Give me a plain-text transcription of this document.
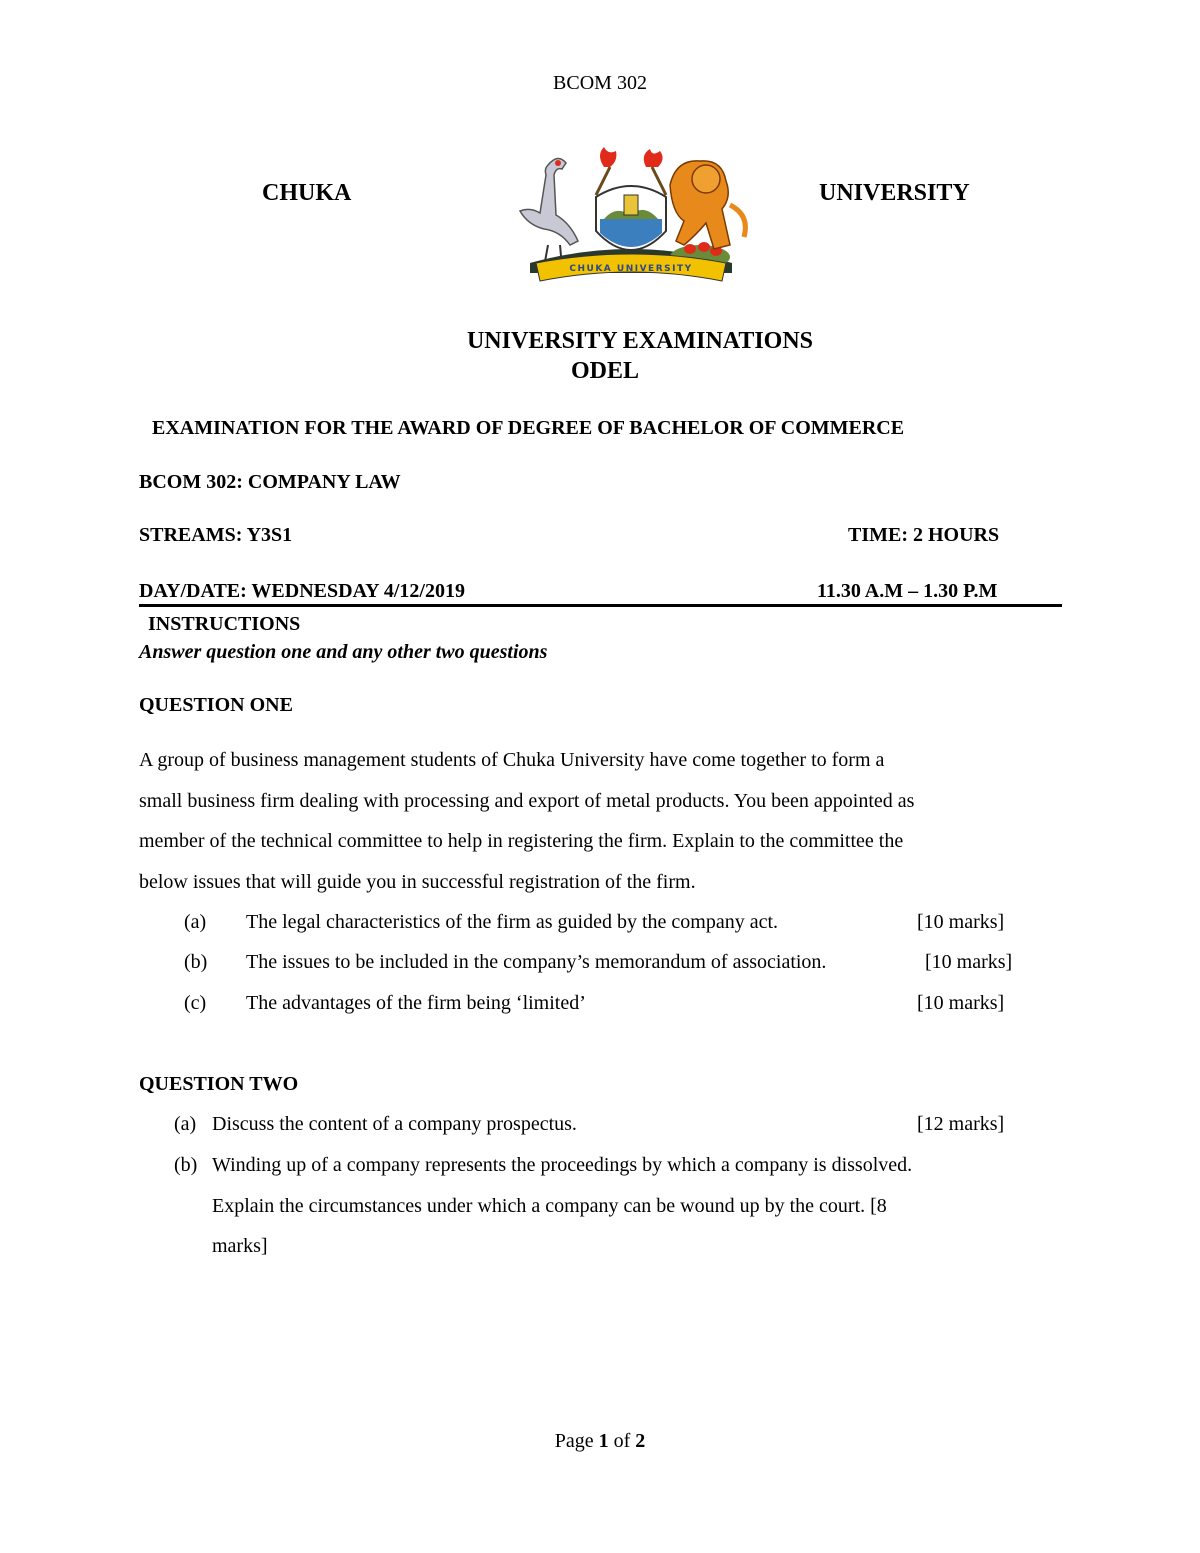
BCOM 302
CHUKA	UNIVERSITY
CHUKA UNIVERSITY
UNIVERSITY EXAMINATIONS
ODEL
EXAMINATION FOR THE AWARD OF DEGREE OF BACHELOR OF COMMERCE
BCOM 302: COMPANY LAW
STREAMS: Y3S1	TIME: 2 HOURS
DAY/DATE: WEDNESDAY 4/12/2019	11.30 A.M – 1.30 P.M
INSTRUCTIONS
Answer question one and any other two questions
QUESTION ONE
A group of business management students of Chuka University have come together to form a
small business firm dealing with processing and export of metal products. You been appointed as
member of the technical committee to help in registering the firm. Explain to the committee the
below issues that will guide you in successful registration of the firm.
(a) The legal characteristics of the firm as guided by the company act.	[10 marks]
(b) The issues to be included in the company’s memorandum of association.	[10 marks]
(c) The advantages of the firm being ‘limited’	[10 marks]
QUESTION TWO
(a) Discuss the content of a company prospectus.	[12 marks]
(b) Winding up of a company represents the proceedings by which a company is dissolved.
Explain the circumstances under which a company can be wound up by the court. [8
marks]
Page 1 of 2
